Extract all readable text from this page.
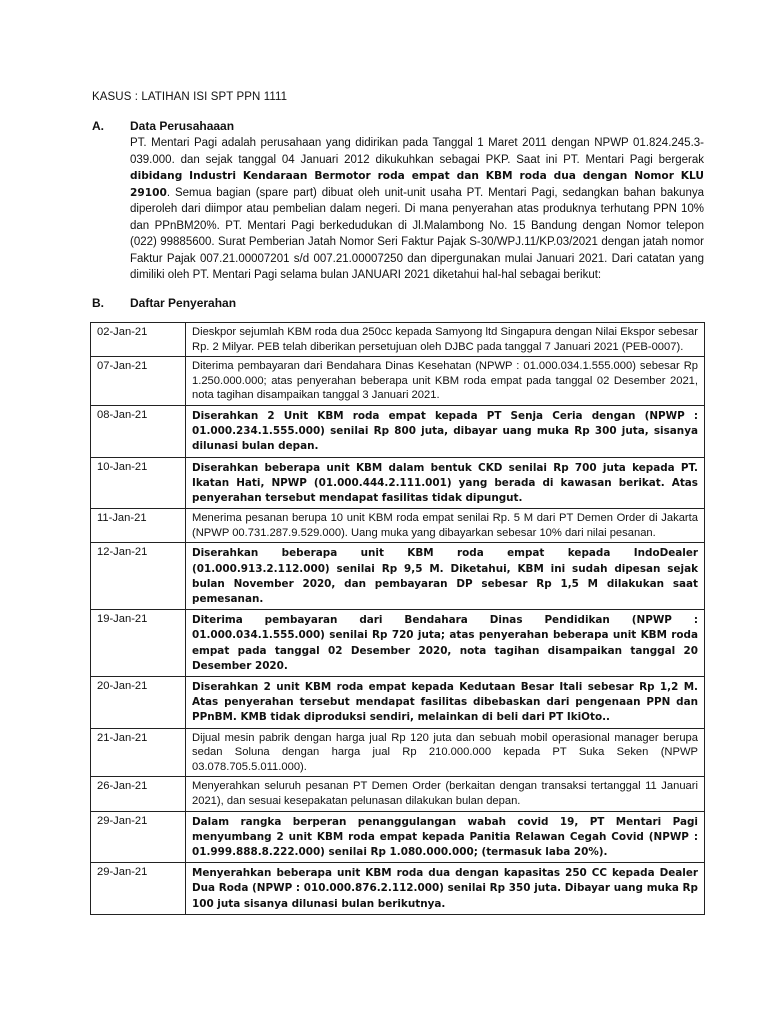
KASUS : LATIHAN ISI SPT PPN 1111
A. Data Perusahaaan
PT. Mentari Pagi adalah perusahaan yang didirikan pada Tanggal 1 Maret 2011 dengan NPWP 01.824.245.3-039.000. dan sejak tanggal 04 Januari 2012 dikukuhkan sebagai PKP. Saat ini PT. Mentari Pagi bergerak dibidang Industri Kendaraan Bermotor roda empat dan KBM roda dua dengan Nomor KLU 29100. Semua bagian (spare part) dibuat oleh unit-unit usaha PT. Mentari Pagi, sedangkan bahan bakunya diperoleh dari diimpor atau pembelian dalam negeri. Di mana penyerahan atas produknya terhutang PPN 10% dan PPnBM20%. PT. Mentari Pagi berkedudukan di Jl.Malambong No. 15 Bandung dengan Nomor telepon (022) 99885600. Surat Pemberian Jatah Nomor Seri Faktur Pajak S-30/WPJ.11/KP.03/2021 dengan jatah nomor Faktur Pajak 007.21.00007201 s/d 007.21.00007250 dan dipergunakan mulai Januari 2021. Dari catatan yang dimiliki oleh PT. Mentari Pagi selama bulan JANUARI 2021 diketahui hal-hal sebagai berikut:
B. Daftar Penyerahan
02-Jan-21	Dieskpor sejumlah KBM roda dua 250cc kepada Samyong ltd Singapura dengan Nilai Ekspor sebesar Rp. 2 Milyar. PEB telah diberikan persetujuan oleh DJBC pada tanggal 7 Januari 2021 (PEB-0007).
07-Jan-21	Diterima pembayaran dari Bendahara Dinas Kesehatan (NPWP : 01.000.034.1.555.000) sebesar Rp 1.250.000.000; atas penyerahan beberapa unit KBM roda empat pada tanggal 02 Desember 2021, nota tagihan disampaikan tanggal 3 Januari 2021.
08-Jan-21	Diserahkan 2 Unit KBM roda empat kepada PT Senja Ceria dengan (NPWP : 01.000.234.1.555.000) senilai Rp 800 juta, dibayar uang muka Rp 300 juta, sisanya dilunasi bulan depan.
10-Jan-21	Diserahkan beberapa unit KBM dalam bentuk CKD senilai Rp 700 juta kepada PT. Ikatan Hati, NPWP (01.000.444.2.111.001) yang berada di kawasan berikat. Atas penyerahan tersebut mendapat fasilitas tidak dipungut.
11-Jan-21	Menerima pesanan berupa 10 unit KBM roda empat senilai Rp. 5 M dari PT Demen Order di Jakarta (NPWP 00.731.287.9.529.000). Uang muka yang dibayarkan sebesar 10% dari nilai pesanan.
12-Jan-21	Diserahkan beberapa unit KBM roda empat kepada IndoDealer (01.000.913.2.112.000) senilai Rp 9,5 M. Diketahui, KBM ini sudah dipesan sejak bulan November 2020, dan pembayaran DP sebesar Rp 1,5 M dilakukan saat pemesanan.
19-Jan-21	Diterima pembayaran dari Bendahara Dinas Pendidikan (NPWP : 01.000.034.1.555.000) senilai Rp 720 juta; atas penyerahan beberapa unit KBM roda empat pada tanggal 02 Desember 2020, nota tagihan disampaikan tanggal 20 Desember 2020.
20-Jan-21	Diserahkan 2 unit KBM roda empat kepada Kedutaan Besar Itali sebesar Rp 1,2 M. Atas penyerahan tersebut mendapat fasilitas dibebaskan dari pengenaan PPN dan PPnBM. KMB tidak diproduksi sendiri, melainkan di beli dari PT IkiOto..
21-Jan-21	Dijual mesin pabrik dengan harga jual Rp 120 juta dan sebuah mobil operasional manager berupa sedan Soluna dengan harga jual Rp 210.000.000 kepada PT Suka Seken (NPWP 03.078.705.5.011.000).
26-Jan-21	Menyerahkan seluruh pesanan PT Demen Order (berkaitan dengan transaksi tertanggal 11 Januari 2021), dan sesuai kesepakatan pelunasan dilakukan bulan depan.
29-Jan-21	Dalam rangka berperan penanggulangan wabah covid 19, PT Mentari Pagi menyumbang 2 unit KBM roda empat kepada Panitia Relawan Cegah Covid (NPWP : 01.999.888.8.222.000) senilai Rp 1.080.000.000; (termasuk laba 20%).
29-Jan-21	Menyerahkan beberapa unit KBM roda dua dengan kapasitas 250 CC kepada Dealer Dua Roda (NPWP : 010.000.876.2.112.000) senilai Rp 350 juta. Dibayar uang muka Rp 100 juta sisanya dilunasi bulan berikutnya.
